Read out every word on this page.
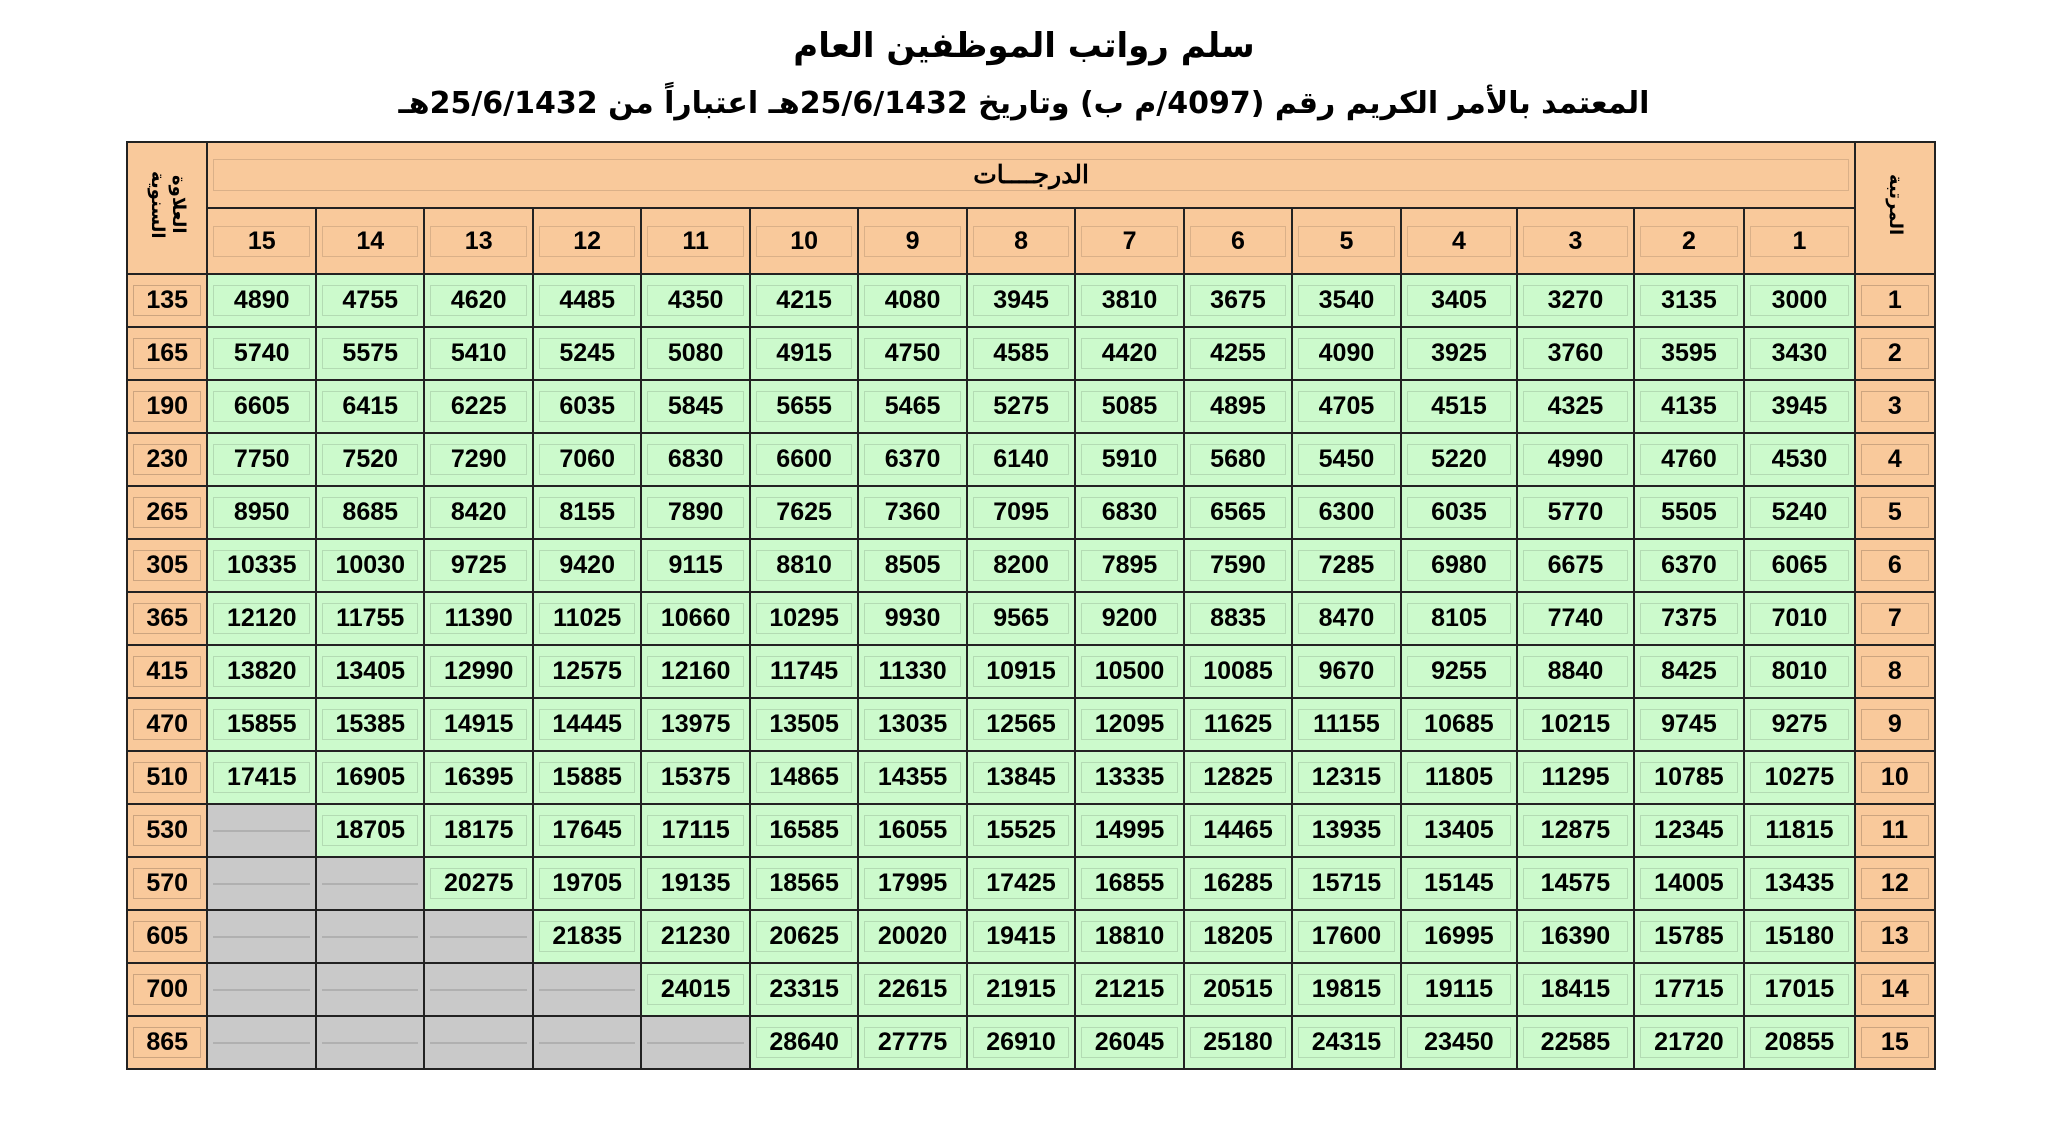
سلم رواتب الموظفين العام
المعتمد بالأمر الكريم رقم (4097/م ب) وتاريخ 25/6/1432هـ اعتباراً من 25/6/1432هـ
المرتبة	الدرجــــات															العلاوة
السنوية

1	2	3	4	5	6	7	8	9	10	11	12	13	14	15	

1	3000	3135	3270	3405	3540	3675	3810	3945	4080	4215	4350	4485	4620	4755	4890	135

2	3430	3595	3760	3925	4090	4255	4420	4585	4750	4915	5080	5245	5410	5575	5740	165

3	3945	4135	4325	4515	4705	4895	5085	5275	5465	5655	5845	6035	6225	6415	6605	190

4	4530	4760	4990	5220	5450	5680	5910	6140	6370	6600	6830	7060	7290	7520	7750	230

5	5240	5505	5770	6035	6300	6565	6830	7095	7360	7625	7890	8155	8420	8685	8950	265

6	6065	6370	6675	6980	7285	7590	7895	8200	8505	8810	9115	9420	9725	10030	10335	305

7	7010	7375	7740	8105	8470	8835	9200	9565	9930	10295	10660	11025	11390	11755	12120	365

8	8010	8425	8840	9255	9670	10085	10500	10915	11330	11745	12160	12575	12990	13405	13820	415

9	9275	9745	10215	10685	11155	11625	12095	12565	13035	13505	13975	14445	14915	15385	15855	470

10	10275	10785	11295	11805	12315	12825	13335	13845	14355	14865	15375	15885	16395	16905	17415	510

11	11815	12345	12875	13405	13935	14465	14995	15525	16055	16585	17115	17645	18175	18705		530

12	13435	14005	14575	15145	15715	16285	16855	17425	17995	18565	19135	19705	20275			570

13	15180	15785	16390	16995	17600	18205	18810	19415	20020	20625	21230	21835				605

14	17015	17715	18415	19115	19815	20515	21215	21915	22615	23315	24015					700

15	20855	21720	22585	23450	24315	25180	26045	26910	27775	28640						865
